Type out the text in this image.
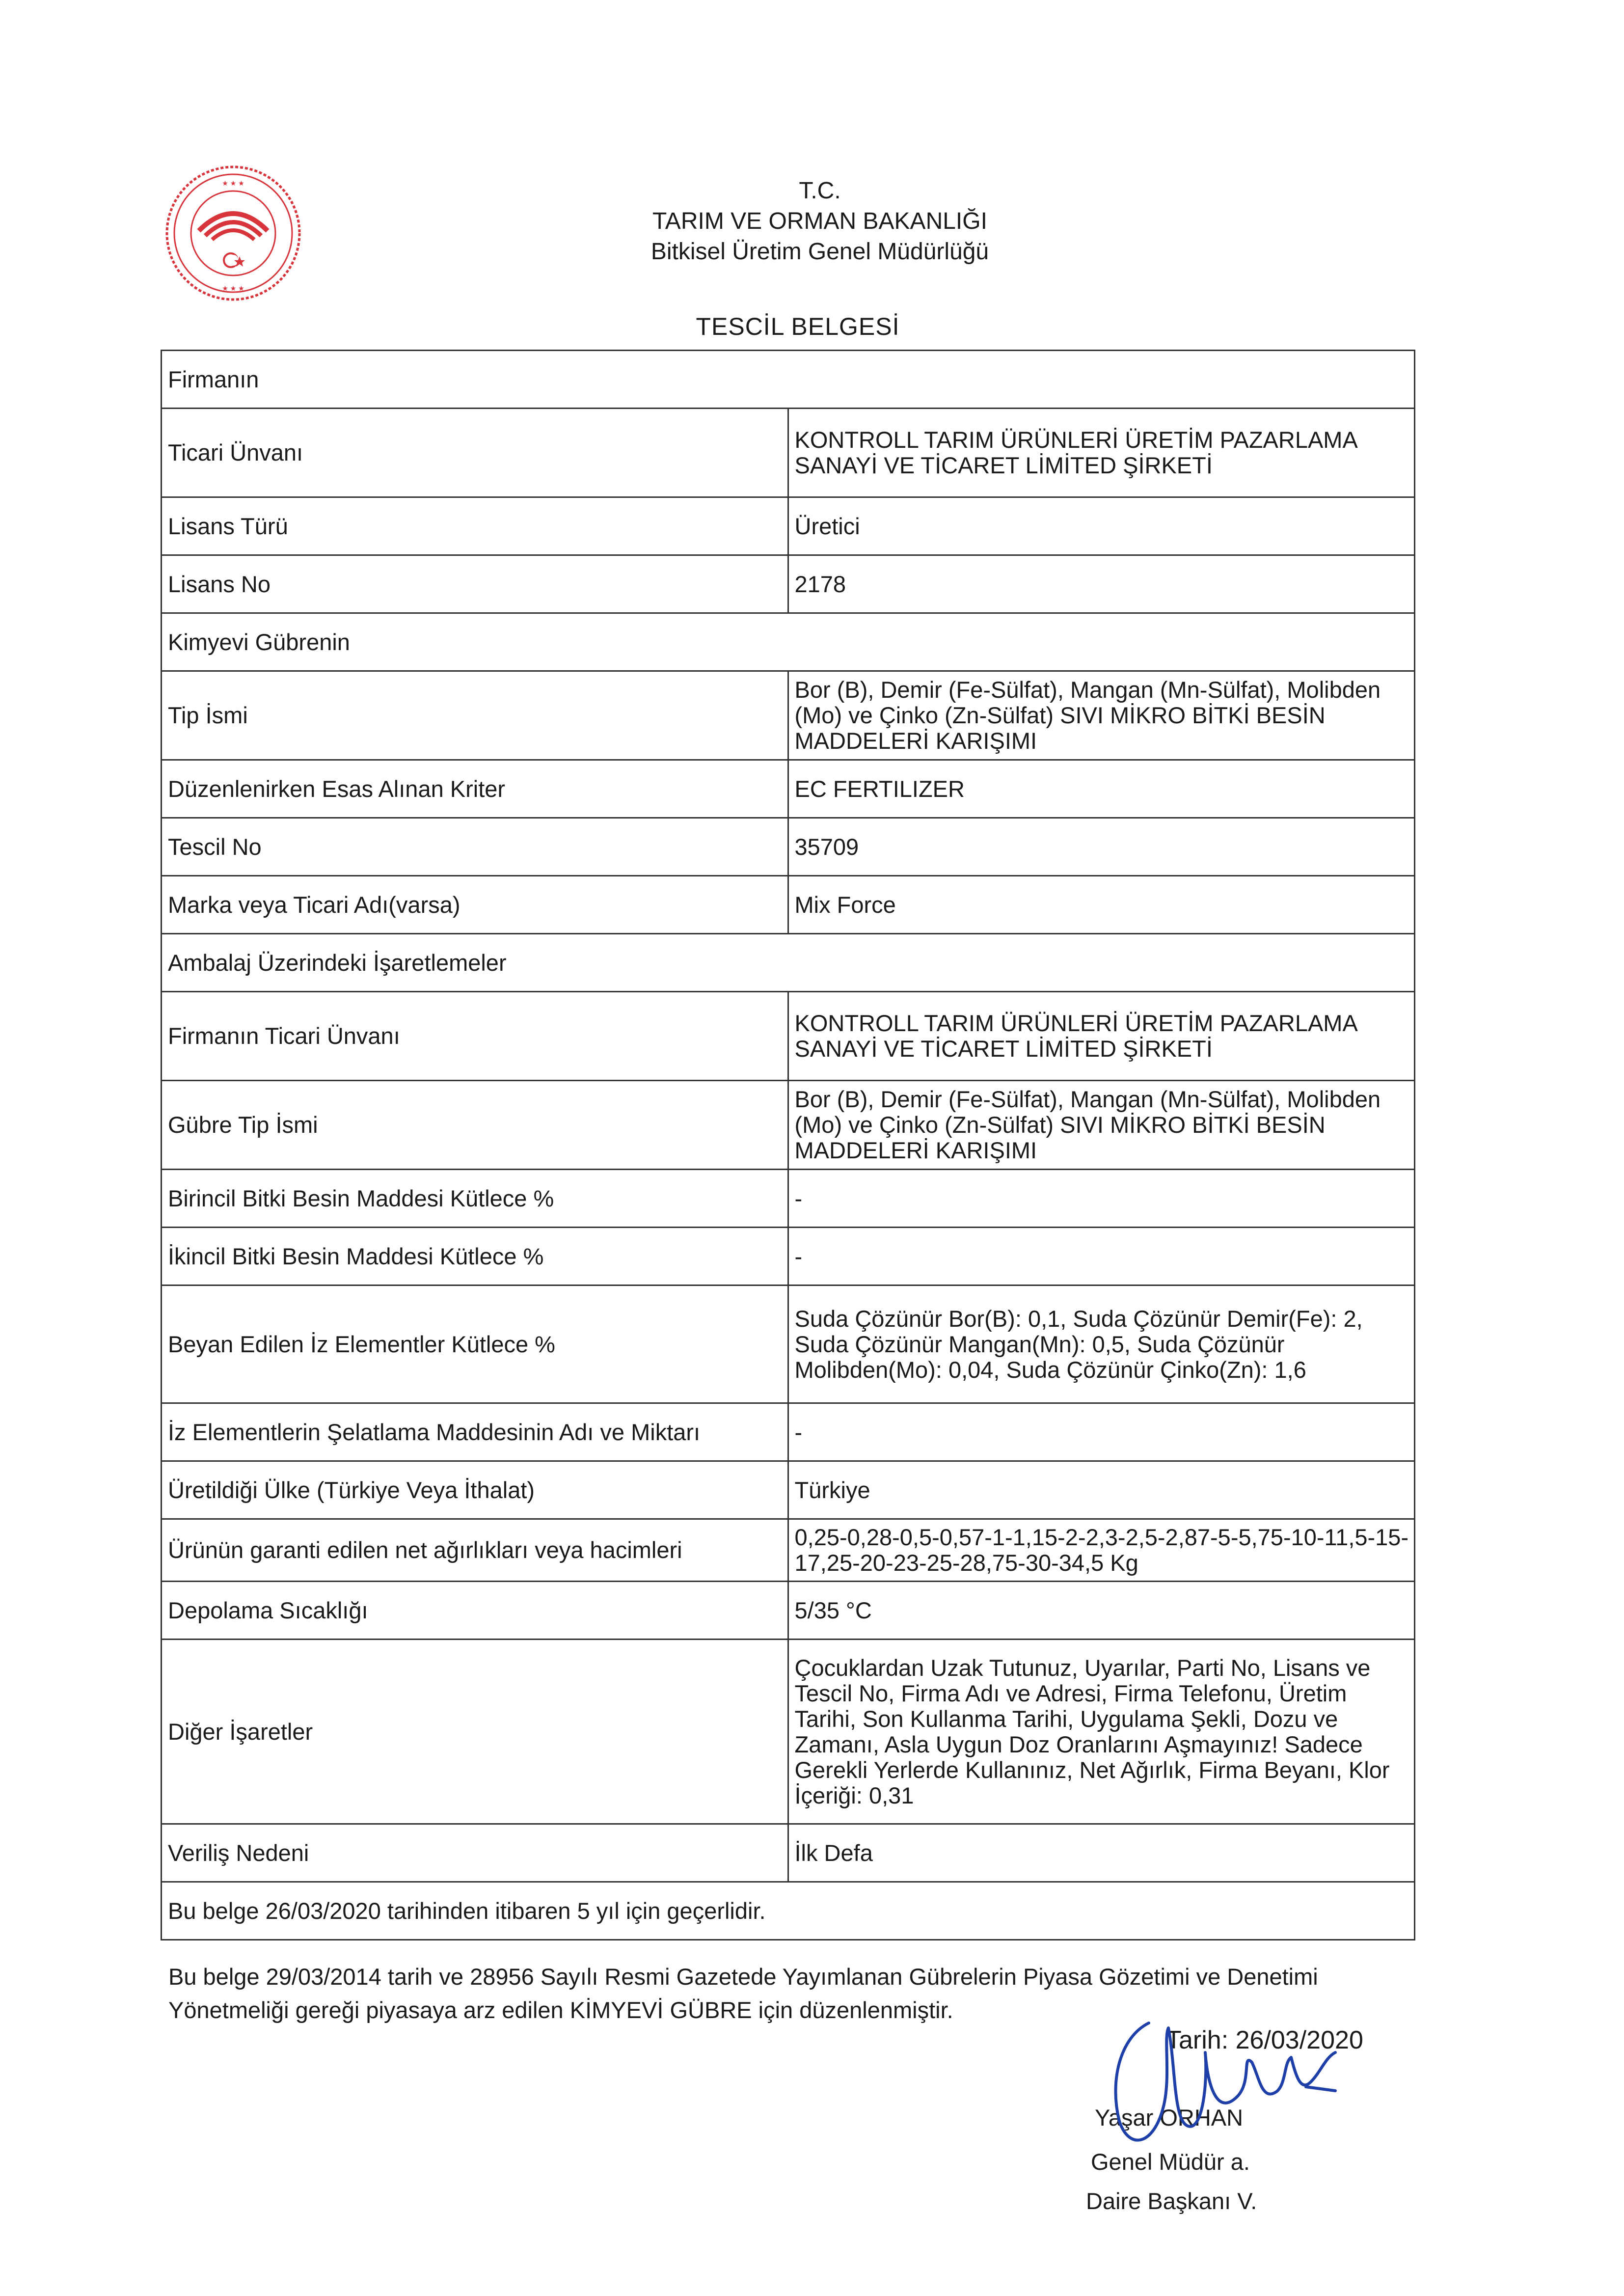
★ ★ ★
★ ★ ★
T.C.
TARIM VE ORMAN BAKANLIĞI
Bitkisel Üretim Genel Müdürlüğü
TESCİL BELGESİ
Firmanın	
Ticari Ünvanı	KONTROLL TARIM ÜRÜNLERİ ÜRETİM PAZARLAMA SANAYİ VE TİCARET LİMİTED ŞİRKETİ
Lisans Türü	Üretici
Lisans No	2178
Kimyevi Gübrenin	
Tip İsmi	Bor (B), Demir (Fe-Sülfat), Mangan (Mn-Sülfat), Molibden (Mo) ve Çinko (Zn-Sülfat) SIVI MİKRO BİTKİ BESİN MADDELERİ KARIŞIMI
Düzenlenirken Esas Alınan Kriter	EC FERTILIZER
Tescil No	35709
Marka veya Ticari Adı(varsa)	Mix Force
Ambalaj Üzerindeki İşaretlemeler	
Firmanın Ticari Ünvanı	KONTROLL TARIM ÜRÜNLERİ ÜRETİM PAZARLAMA SANAYİ VE TİCARET LİMİTED ŞİRKETİ
Gübre Tip İsmi	Bor (B), Demir (Fe-Sülfat), Mangan (Mn-Sülfat), Molibden (Mo) ve Çinko (Zn-Sülfat) SIVI MİKRO BİTKİ BESİN MADDELERİ KARIŞIMI
Birincil Bitki Besin Maddesi Kütlece %	-
İkincil Bitki Besin Maddesi Kütlece %	-
Beyan Edilen İz Elementler Kütlece %	Suda Çözünür Bor(B): 0,1, Suda Çözünür Demir(Fe): 2, Suda Çözünür Mangan(Mn): 0,5, Suda Çözünür Molibden(Mo): 0,04, Suda Çözünür Çinko(Zn): 1,6
İz Elementlerin Şelatlama Maddesinin Adı ve Miktarı	-
Üretildiği Ülke (Türkiye Veya İthalat)	Türkiye
Ürünün garanti edilen net ağırlıkları veya hacimleri	0,25-0,28-0,5-0,57-1-1,15-2-2,3-2,5-2,87-5-5,75-10-11,5-15-17,25-20-23-25-28,75-30-34,5 Kg
Depolama Sıcaklığı	5/35 °C
Diğer İşaretler	Çocuklardan Uzak Tutunuz, Uyarılar, Parti No, Lisans ve Tescil No, Firma Adı ve Adresi, Firma Telefonu, Üretim Tarihi, Son Kullanma Tarihi, Uygulama Şekli, Dozu ve Zamanı, Asla Uygun Doz Oranlarını Aşmayınız! Sadece Gerekli Yerlerde Kullanınız, Net Ağırlık, Firma Beyanı, Klor İçeriği: 0,31
Veriliş Nedeni	İlk Defa
Bu belge 26/03/2020 tarihinden itibaren 5 yıl için geçerlidir.	
Bu belge 29/03/2014 tarih ve 28956 Sayılı Resmi Gazetede Yayımlanan Gübrelerin Piyasa Gözetimi ve Denetimi Yönetmeliği gereği piyasaya arz edilen KİMYEVİ GÜBRE için düzenlenmiştir.
Tarih: 26/03/2020
Yaşar ORHAN
Genel Müdür a.
Daire Başkanı V.
